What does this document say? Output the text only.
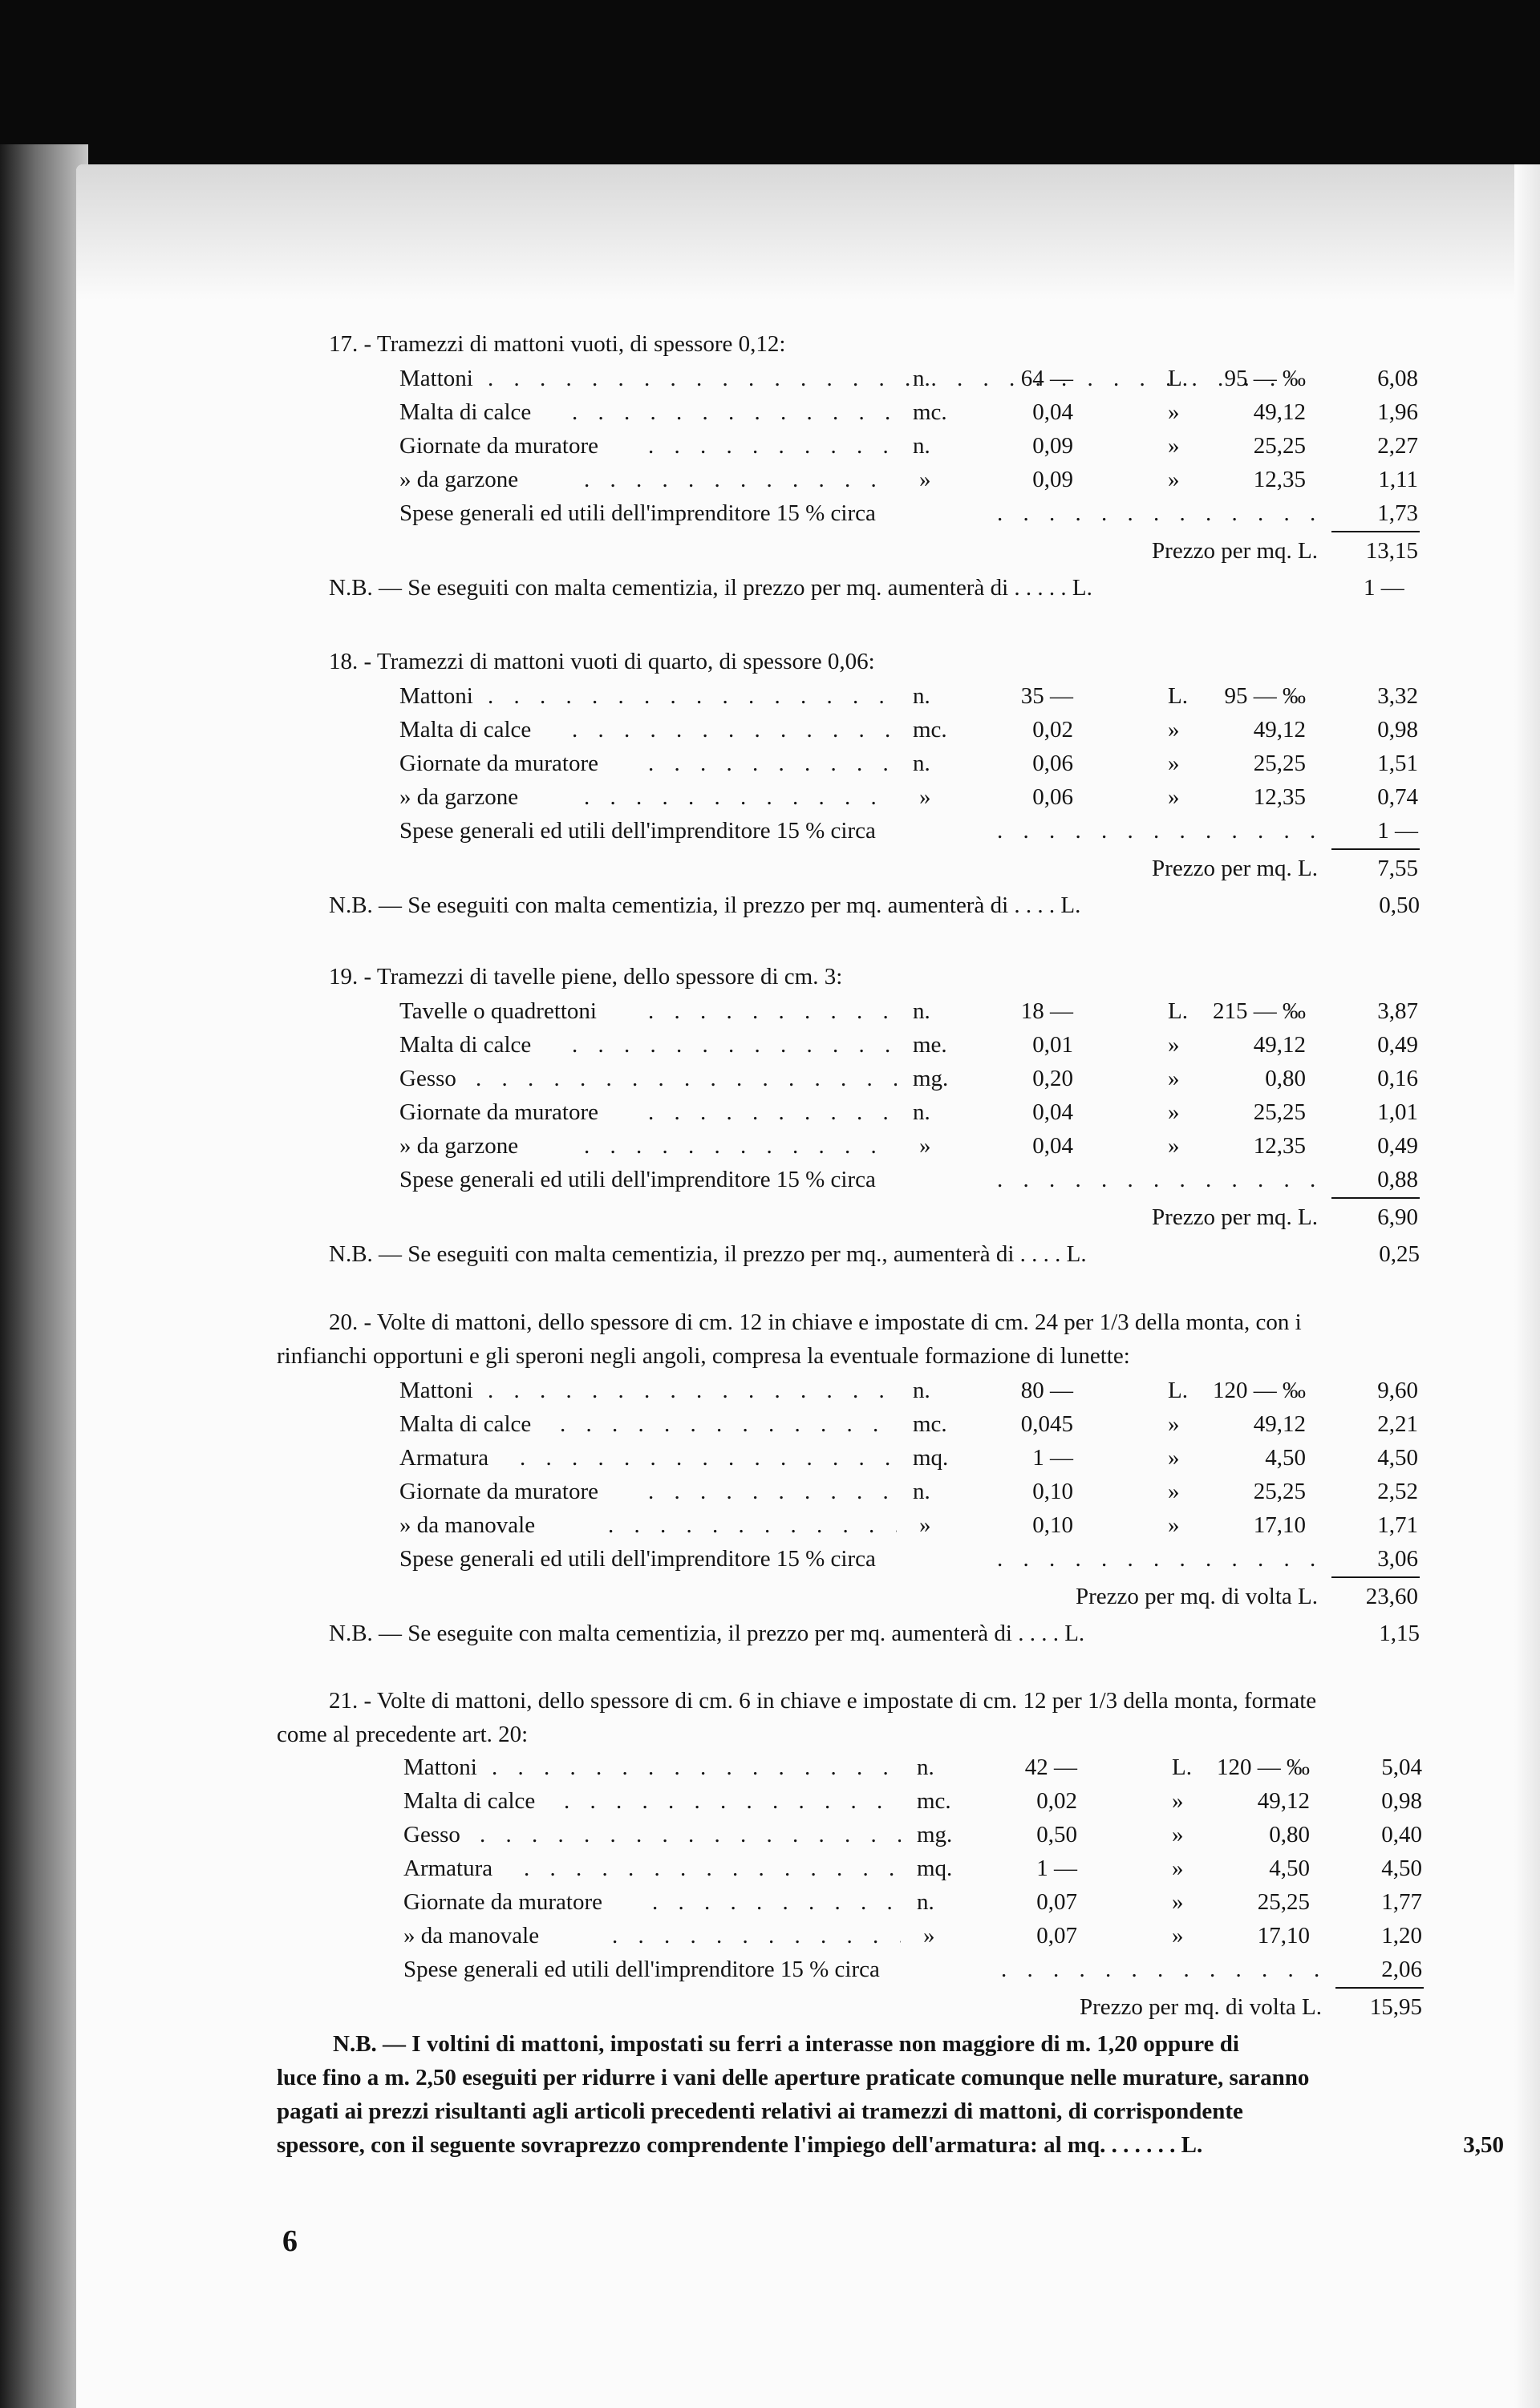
17. - Tramezzi di mattoni vuoti, di spessore 0,12:
Mattoni . . .	n.	64 —	L.	95 — ‰	6,08
Malta di calce . . .	mc.	0,04	»	49,12	1,96
Giornate da muratore . . .	n.	0,09	»	25,25	2,27
» da garzone . . .	»	0,09	»	12,35	1,11
Spese generali ed utili dell'imprenditore 15 % circa . . .	1,73
Prezzo per mq. L.	13,15
N.B. — Se eseguiti con malta cementizia, il prezzo per mq. aumenterà di . . . . . L.	1 —
18. - Tramezzi di mattoni vuoti di quarto, di spessore 0,06:
Mattoni . . .	n.	35 —	L.	95 — ‰	3,32
Malta di calce . . .	mc.	0,02	»	49,12	0,98
Giornate da muratore . . .	n.	0,06	»	25,25	1,51
» da garzone . . .	»	0,06	»	12,35	0,74
Spese generali ed utili dell'imprenditore 15 % circa . . .	1 —
Prezzo per mq. L.	7,55
N.B. — Se eseguiti con malta cementizia, il prezzo per mq. aumenterà di . . . . L.	0,50
19. - Tramezzi di tavelle piene, dello spessore di cm. 3:
Tavelle o quadrettoni . . .	n.	18 —	L.	215 — ‰	3,87
Malta di calce . . .	me.	0,01	»	49,12	0,49
Gesso . . .	mg.	0,20	»	0,80	0,16
Giornate da muratore . . .	n.	0,04	»	25,25	1,01
» da garzone . . .	»	0,04	»	12,35	0,49
Spese generali ed utili dell'imprenditore 15 % circa . . .	0,88
Prezzo per mq. L.	6,90
N.B. — Se eseguiti con malta cementizia, il prezzo per mq., aumenterà di . . . . L.	0,25
20. - Volte di mattoni, dello spessore di cm. 12 in chiave e impostate di cm. 24 per 1/3 della monta, con i
rinfianchi opportuni e gli speroni negli angoli, compresa la eventuale formazione di lunette:
Mattoni . . .	n.	80 —	L.	120 — ‰	9,60
Malta di calce . . .	mc.	0,045	»	49,12	2,21
Armatura . . .	mq.	1 —	»	4,50	4,50
Giornate da muratore . . .	n.	0,10	»	25,25	2,52
» da manovale . . .	»	0,10	»	17,10	1,71
Spese generali ed utili dell'imprenditore 15 % circa . . .	3,06
Prezzo per mq. di volta L.	23,60
N.B. — Se eseguite con malta cementizia, il prezzo per mq. aumenterà di . . . . L.	1,15
21. - Volte di mattoni, dello spessore di cm. 6 in chiave e impostate di cm. 12 per 1/3 della monta, formate
come al precedente art. 20:
Mattoni . . .	n.	42 —	L.	120 — ‰	5,04
Malta di calce . . .	mc.	0,02	»	49,12	0,98
Gesso . . .	mg.	0,50	»	0,80	0,40
Armatura . . .	mq.	1 —	»	4,50	4,50
Giornate da muratore . . .	n.	0,07	»	25,25	1,77
» da manovale . . .	»	0,07	»	17,10	1,20
Spese generali ed utili dell'imprenditore 15 % circa . . .	2,06
Prezzo per mq. di volta L.	15,95
N.B. — I voltini di mattoni, impostati su ferri a interasse non maggiore di m. 1,20 oppure di
luce fino a m. 2,50 eseguiti per ridurre i vani delle aperture praticate comunque nelle murature, saranno
pagati ai prezzi risultanti agli articoli precedenti relativi ai tramezzi di mattoni, di corrispondente
spessore, con il seguente sovraprezzo comprendente l'impiego dell'armatura: al mq. . . . . . . L.	3,50
6
